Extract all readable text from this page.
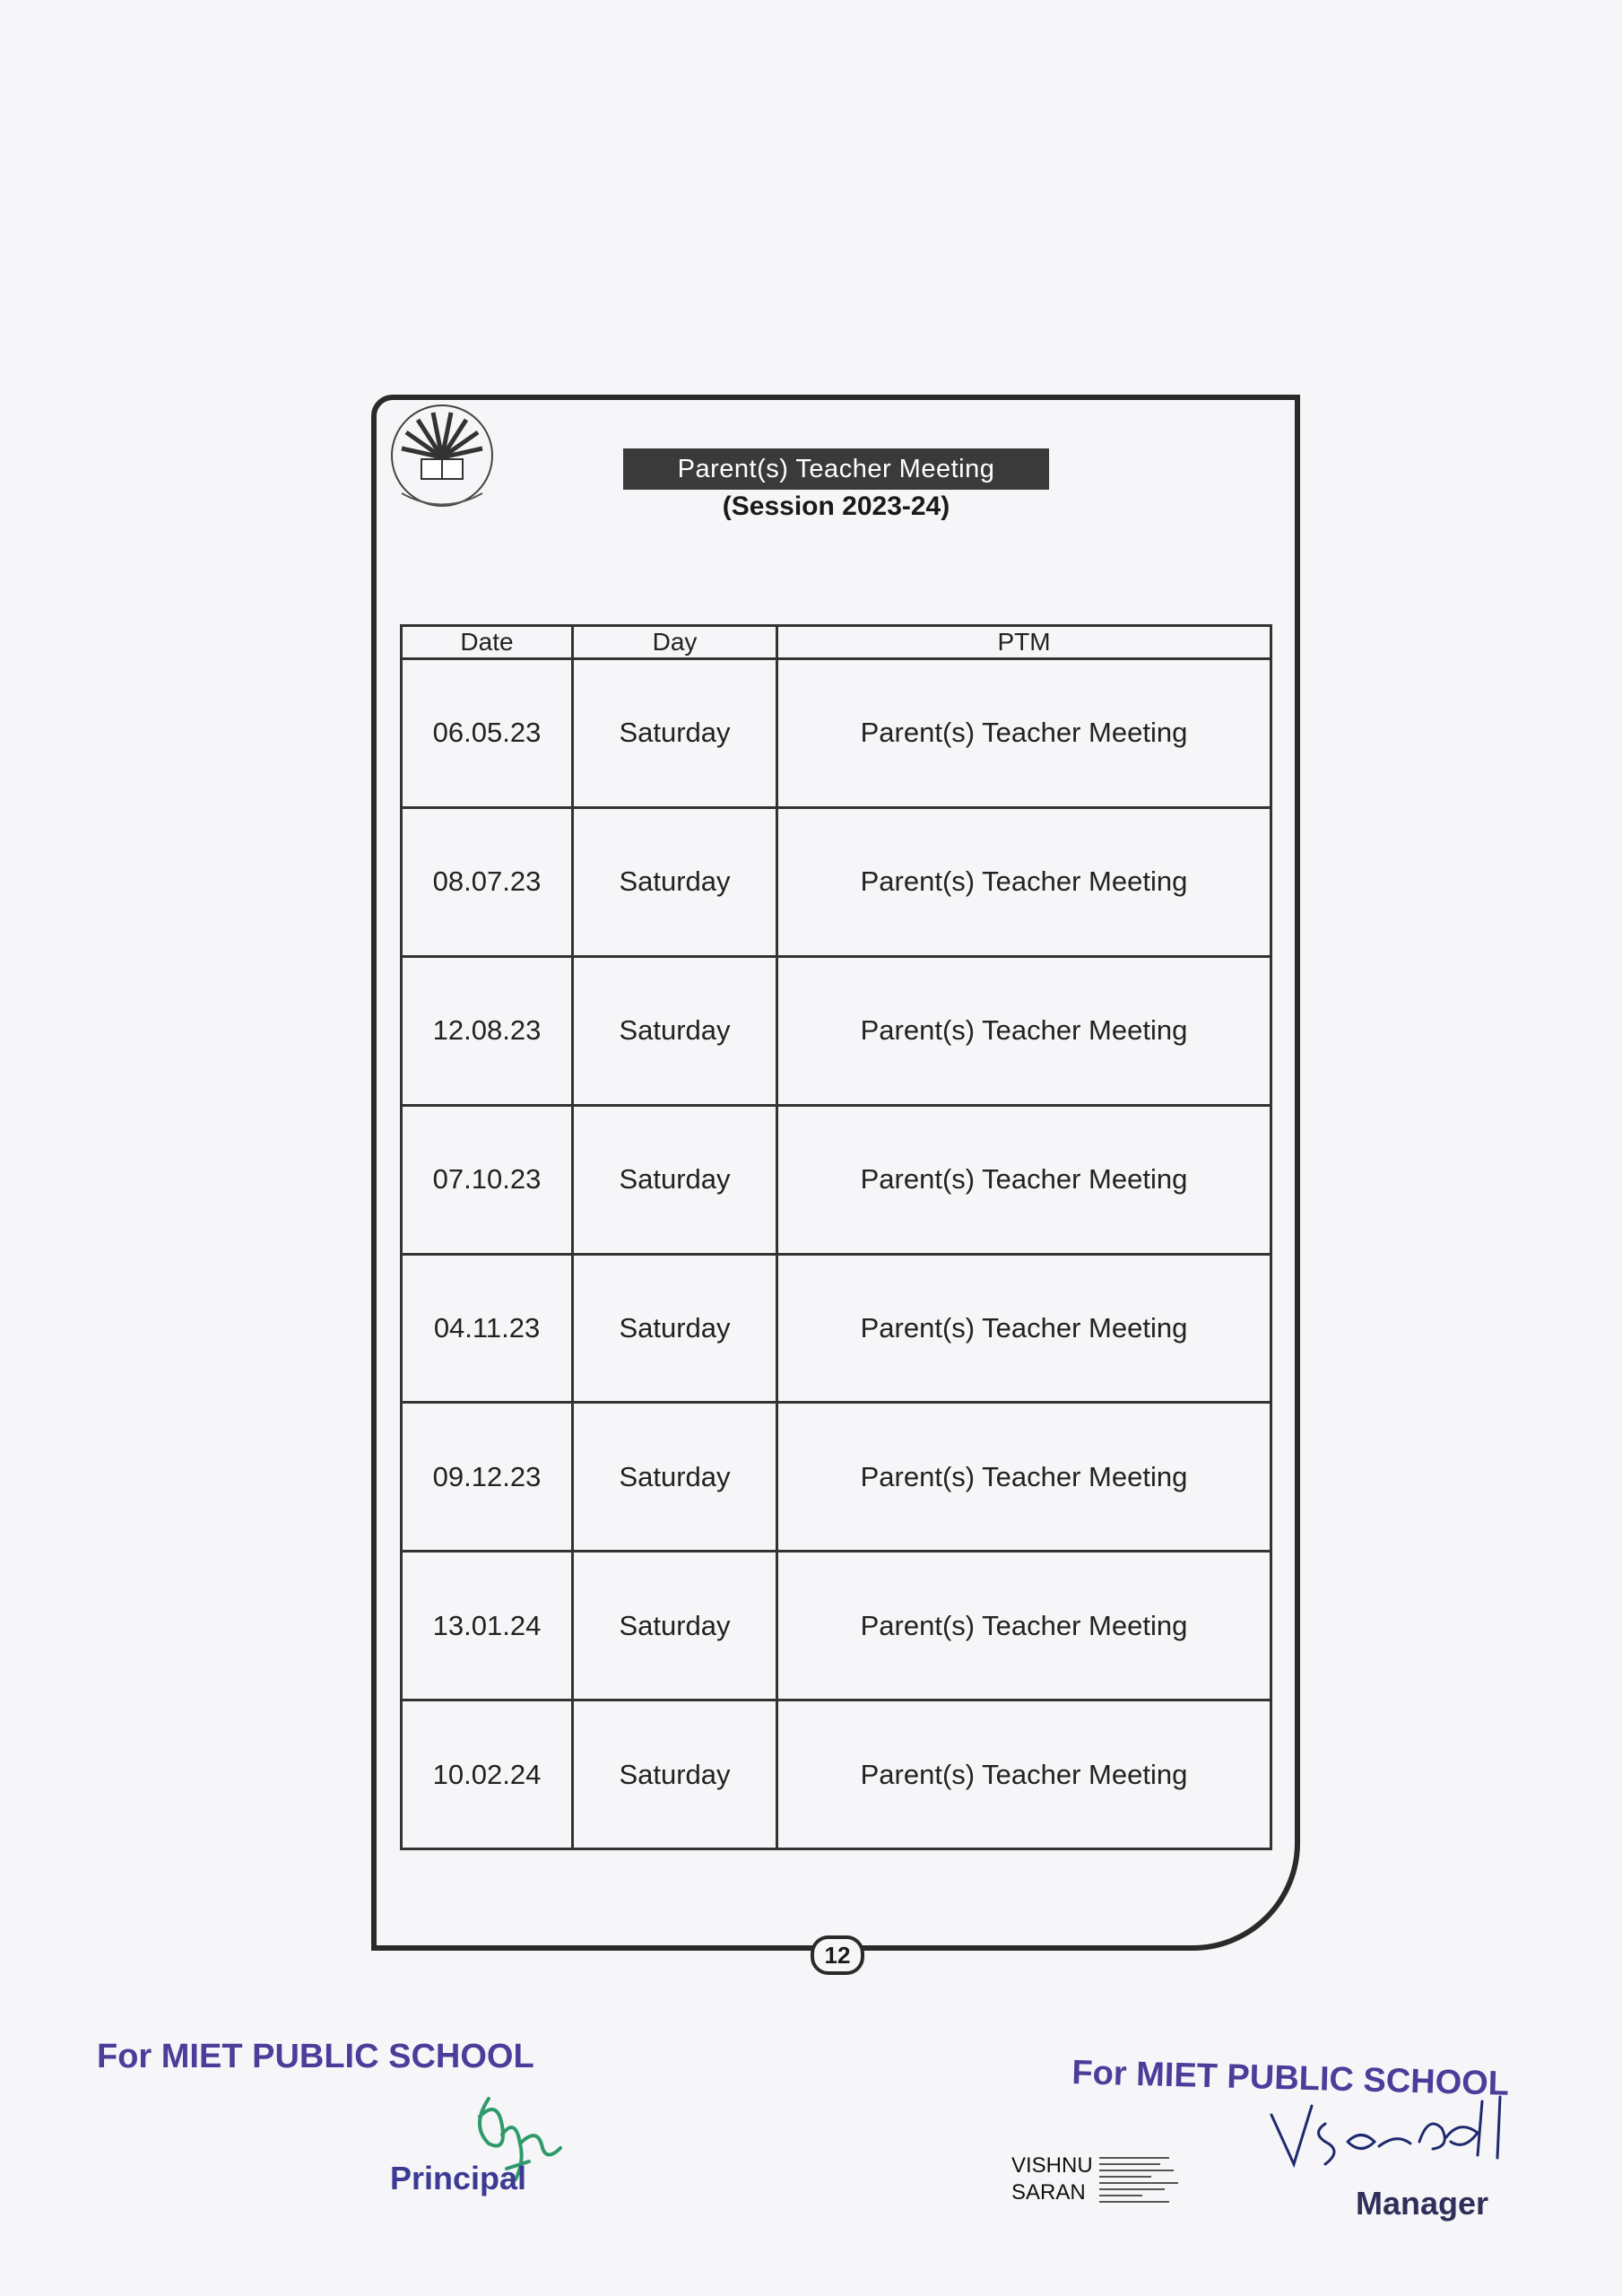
Parent(s) Teacher Meeting
(Session 2023-24)
Date	Day	PTM
06.05.23	Saturday	Parent(s) Teacher Meeting
08.07.23	Saturday	Parent(s) Teacher Meeting
12.08.23	Saturday	Parent(s) Teacher Meeting
07.10.23	Saturday	Parent(s) Teacher Meeting
04.11.23	Saturday	Parent(s) Teacher Meeting
09.12.23	Saturday	Parent(s) Teacher Meeting
13.01.24	Saturday	Parent(s) Teacher Meeting
10.02.24	Saturday	Parent(s) Teacher Meeting
12
For MIET PUBLIC SCHOOL
Principal
For MIET PUBLIC SCHOOL
Manager
VISHNU
SARAN
